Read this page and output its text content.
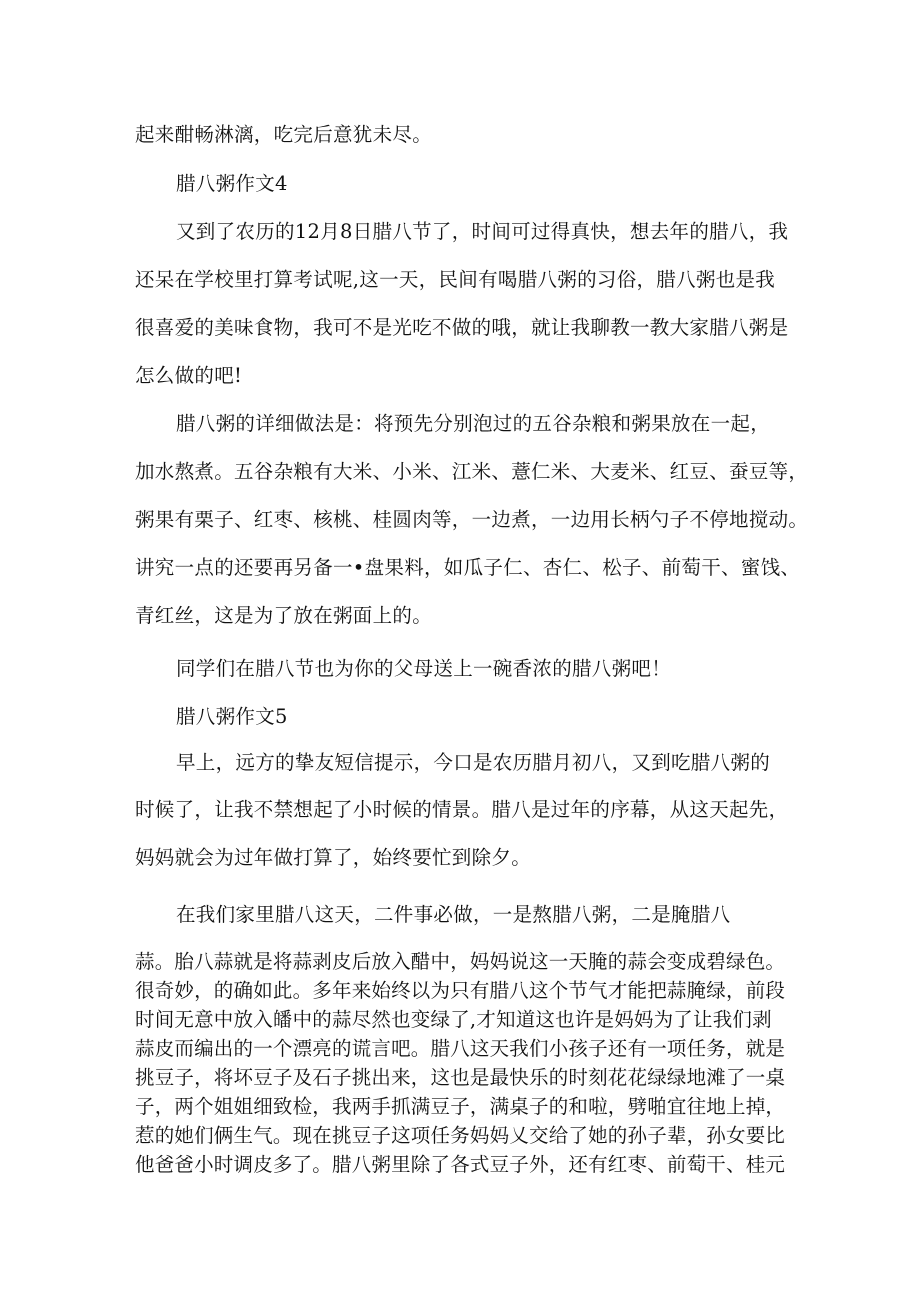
起来酣畅淋漓，吃完后意犹未尽。
腊八粥作文4
又到了农历的12月8日腊八节了，时间可过得真快，想去年的腊八，我
还呆在学校里打算考试呢,这一天，民间有喝腊八粥的习俗，腊八粥也是我
很喜爱的美味食物，我可不是光吃不做的哦，就让我聊教一教大家腊八粥是
怎么做的吧!
腊八粥的详细做法是：将预先分别泡过的五谷杂粮和粥果放在一起，
加水熬煮。五谷杂粮有大米、小米、江米、薏仁米、大麦米、红豆、蚕豆等，
粥果有栗子、红枣、核桃、桂圆肉等，一边煮，一边用长柄勺子不停地搅动。
讲究一点的还要再另备一•盘果料，如瓜子仁、杏仁、松子、前萄干、蜜饯、
青红丝，这是为了放在粥面上的。
同学们在腊八节也为你的父母送上一碗香浓的腊八粥吧！
腊八粥作文5
早上，远方的挚友短信提示，今口是农历腊月初八，又到吃腊八粥的
时候了，让我不禁想起了小时候的情景。腊八是过年的序幕，从这天起先，
妈妈就会为过年做打算了，始终要忙到除夕。
在我们家里腊八这天，二件事必做，一是熬腊八粥，二是腌腊八
蒜。胎八蒜就是将蒜剥皮后放入醋中，妈妈说这一天腌的蒜会变成碧绿色。
很奇妙，的确如此。多年来始终以为只有腊八这个节气才能把蒜腌绿，前段
时间无意中放入皤中的蒜尽然也变绿了,才知道这也许是妈妈为了让我们剥
蒜皮而编出的一个漂亮的谎言吧。腊八这天我们小孩子还有一项任务，就是
挑豆子，将坏豆子及石子挑出来，这也是最快乐的时刻花花绿绿地滩了一桌
子，两个姐姐细致检，我两手抓满豆子，满桌子的和啦，劈啪宜往地上掉，
惹的她们俩生气。现在挑豆子这项任务妈妈乂交给了她的孙子辈，孙女要比
他爸爸小时调皮多了。腊八粥里除了各式豆子外，还有红枣、前萄干、桂元
